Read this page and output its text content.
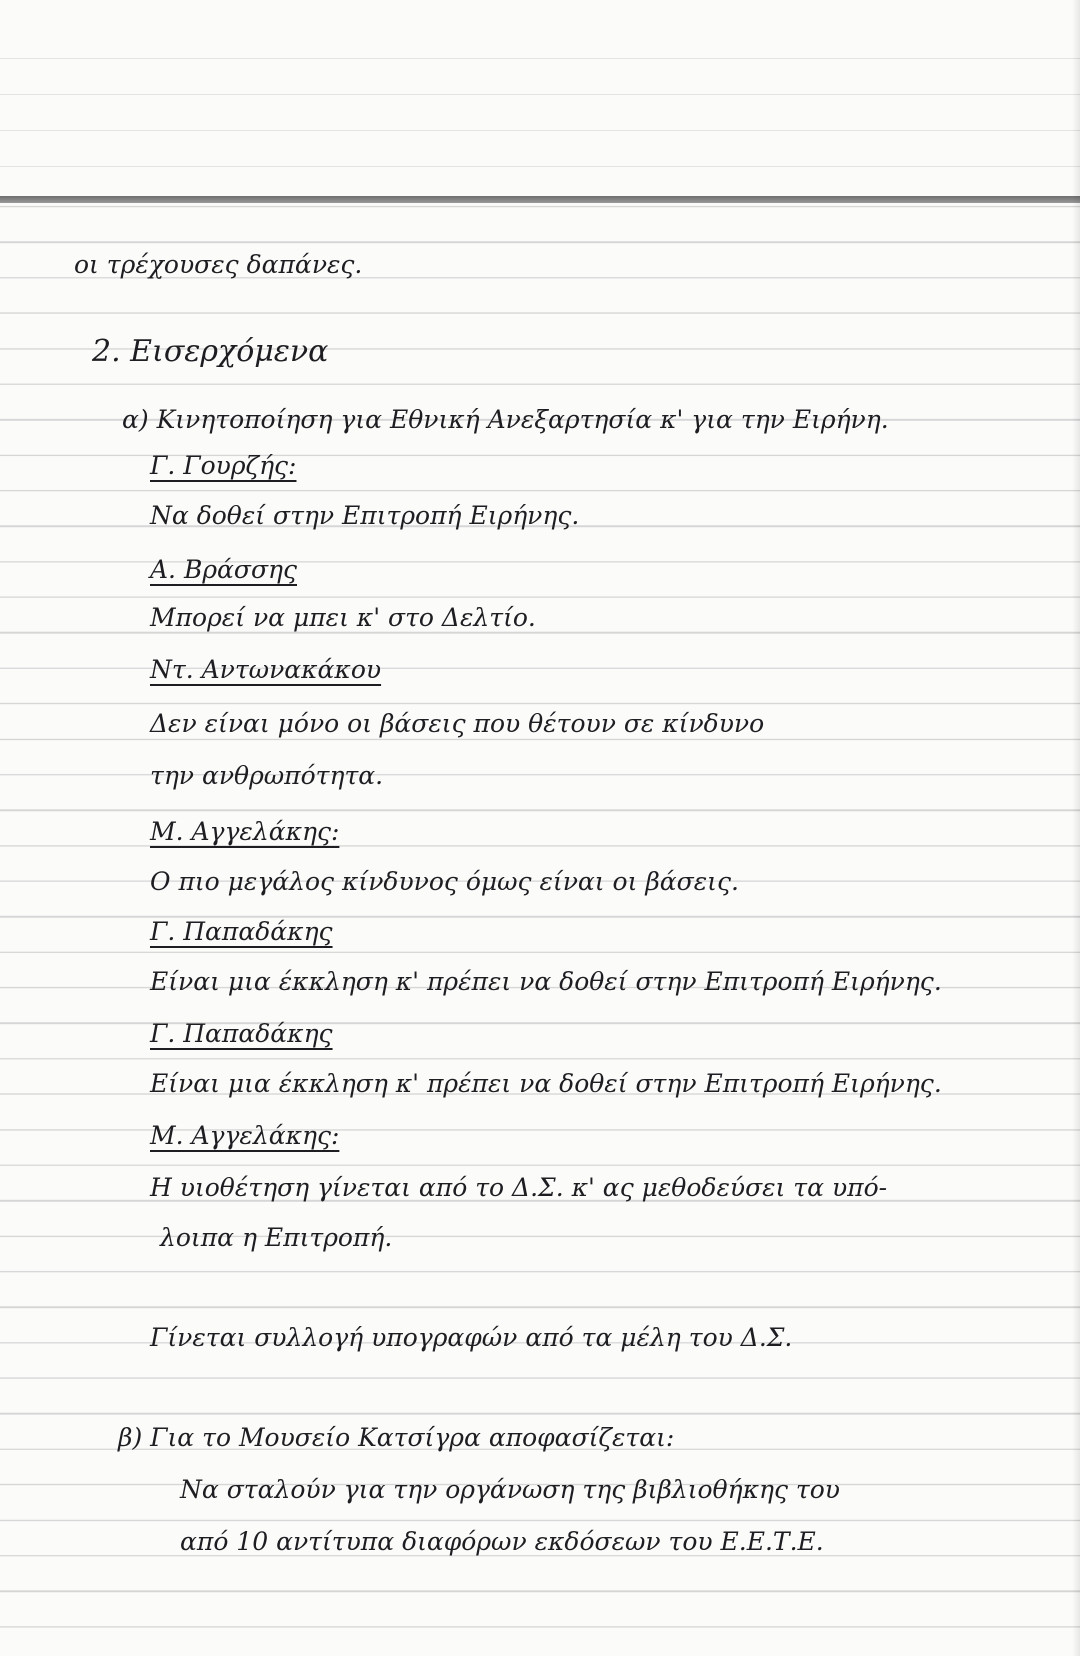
οι τρέχουσες δαπάνες.

2. Εισερχόμενα

α) Κινητοποίηση για Εθνική Ανεξαρτησία κ' για την Ειρήνη.

Γ. Γουρζής:

Να δοθεί στην Επιτροπή Ειρήνης.

Α. Βράσσης

Μπορεί να μπει κ' στο Δελτίο.

Ντ. Αντωνακάκου

Δεν είναι μόνο οι βάσεις που θέτουν σε κίνδυνο

την ανθρωπότητα.

Μ. Αγγελάκης:

Ο πιο μεγάλος κίνδυνος όμως είναι οι βάσεις.

Γ. Παπαδάκης

Είναι μια έκκληση κ' πρέπει να δοθεί στην Επιτροπή Ειρήνης.

Γ. Παπαδάκης

Είναι μια έκκληση κ' πρέπει να δοθεί στην Επιτροπή Ειρήνης.

Μ. Αγγελάκης:

Η υιοθέτηση γίνεται από το Δ.Σ. κ' ας μεθοδεύσει τα υπό-

λοιπα η Επιτροπή.

Γίνεται συλλογή υπογραφών από τα μέλη του Δ.Σ.

β) Για το Μουσείο Κατσίγρα αποφασίζεται:

Να σταλούν για την οργάνωση της βιβλιοθήκης του

από 10 αντίτυπα διαφόρων εκδόσεων του Ε.Ε.Τ.Ε.
